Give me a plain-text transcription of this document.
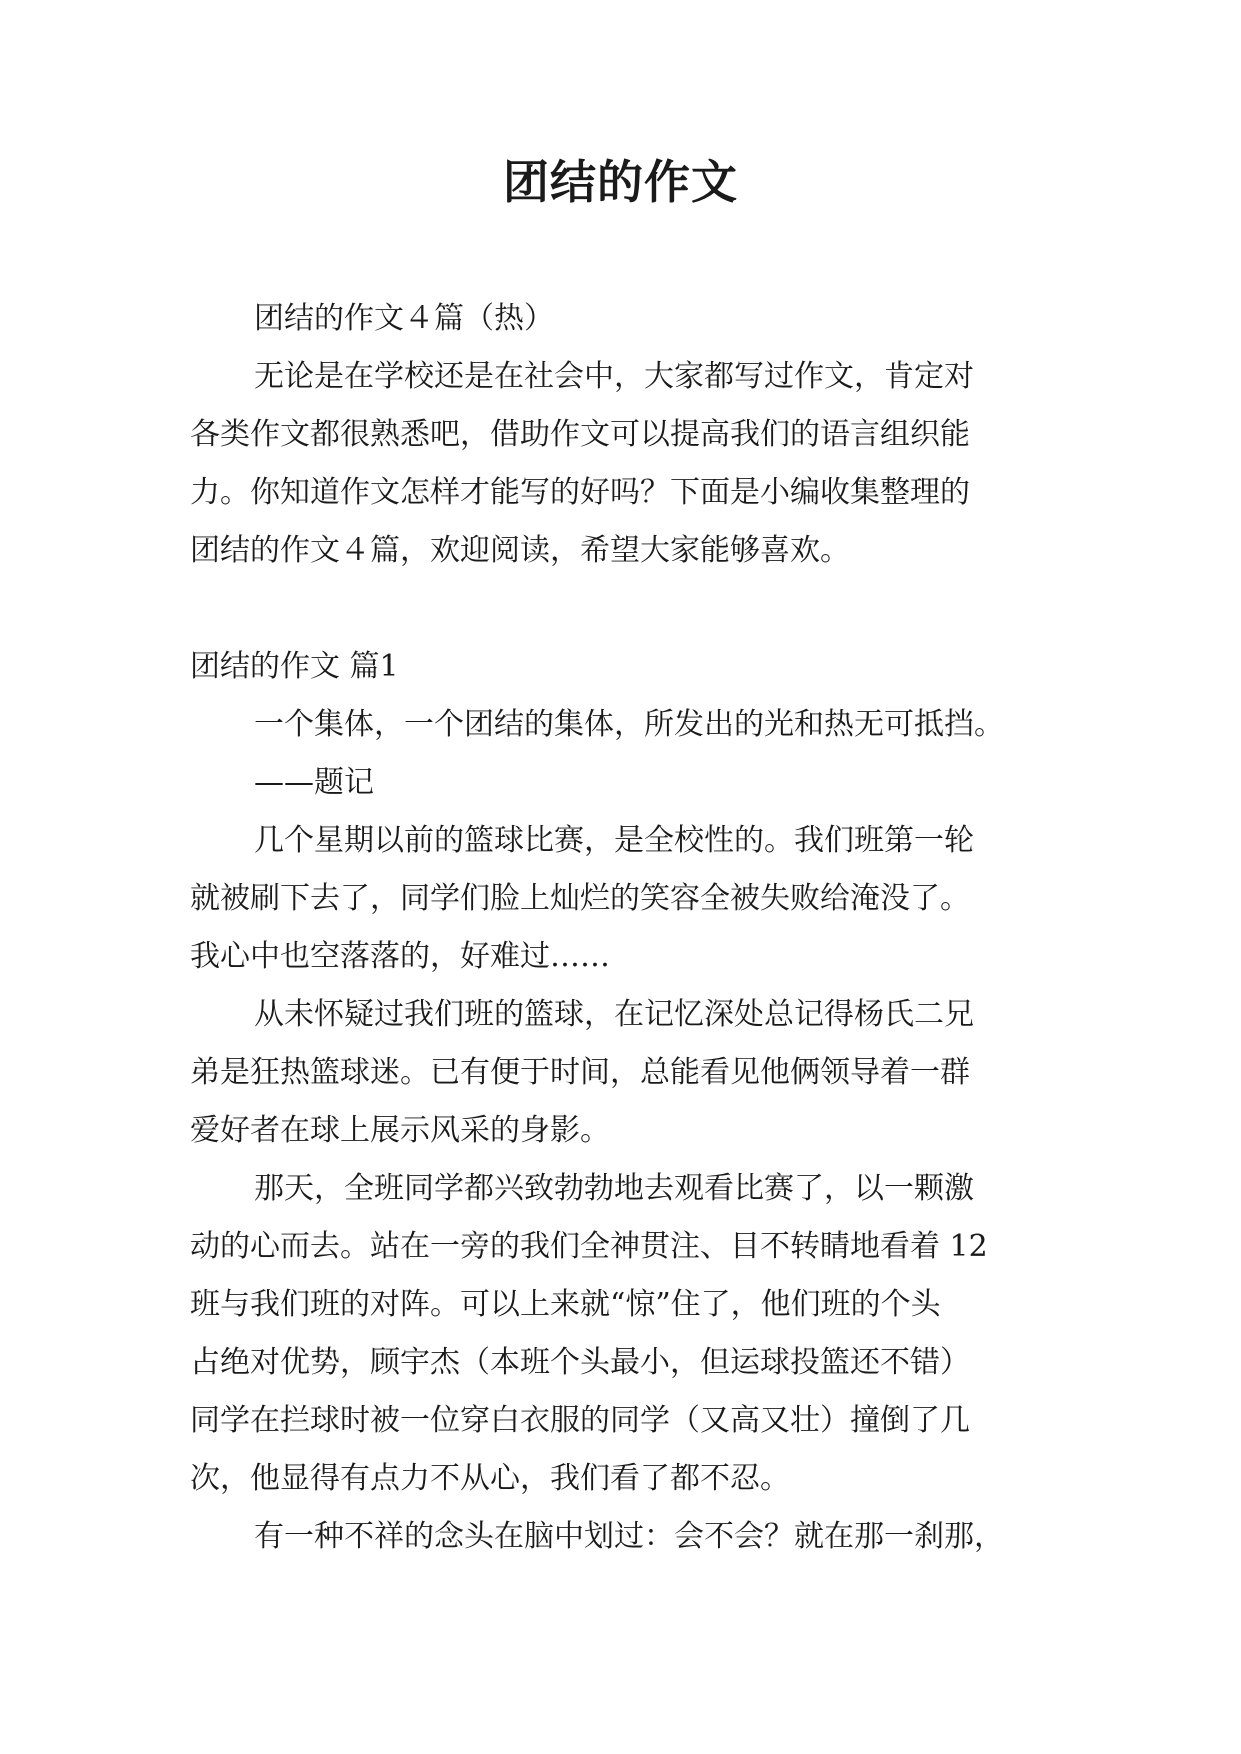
团结的作文

团结的作文４篇（热）

无论是在学校还是在社会中，大家都写过作文，肯定对

各类作文都很熟悉吧，借助作文可以提高我们的语言组织能

力。你知道作文怎样才能写的好吗？下面是小编收集整理的

团结的作文４篇，欢迎阅读，希望大家能够喜欢。

团结的作文 篇1

一个集体，一个团结的集体，所发出的光和热无可抵挡。

——题记

几个星期以前的篮球比赛，是全校性的。我们班第一轮

就被刷下去了，同学们脸上灿烂的笑容全被失败给淹没了。

我心中也空落落的，好难过……

从未怀疑过我们班的篮球，在记忆深处总记得杨氏二兄

弟是狂热篮球迷。已有便于时间，总能看见他俩领导着一群

爱好者在球上展示风采的身影。

那天，全班同学都兴致勃勃地去观看比赛了，以一颗激

动的心而去。站在一旁的我们全神贯注、目不转睛地看着 12

班与我们班的对阵。可以上来就“惊”住了，他们班的个头

占绝对优势，顾宇杰（本班个头最小，但运球投篮还不错）

同学在拦球时被一位穿白衣服的同学（又高又壮）撞倒了几

次，他显得有点力不从心，我们看了都不忍。

有一种不祥的念头在脑中划过：会不会？就在那一刹那，
